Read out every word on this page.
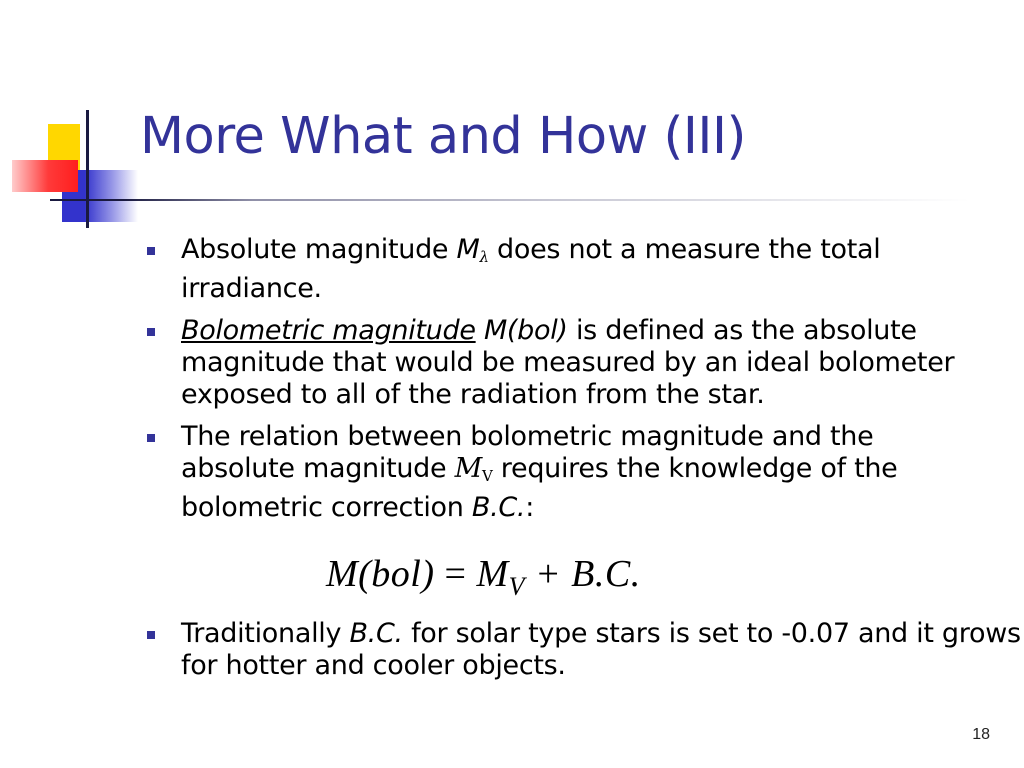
More What and How (III)
Absolute magnitude $M_\lambda$ does not a measure the total irradiance.
Bolometric magnitude M(bol) is defined as the absolute magnitude that would be measured by an ideal bolometer exposed to all of the radiation from the star.
The relation between bolometric magnitude and the absolute magnitude $M_V$ requires the knowledge of the bolometric correction B.C.:
$M(bol) = M_V + B.C$.
Traditionally B.C. for solar type stars is set to -0.07 and it grows for hotter and cooler objects.
18
